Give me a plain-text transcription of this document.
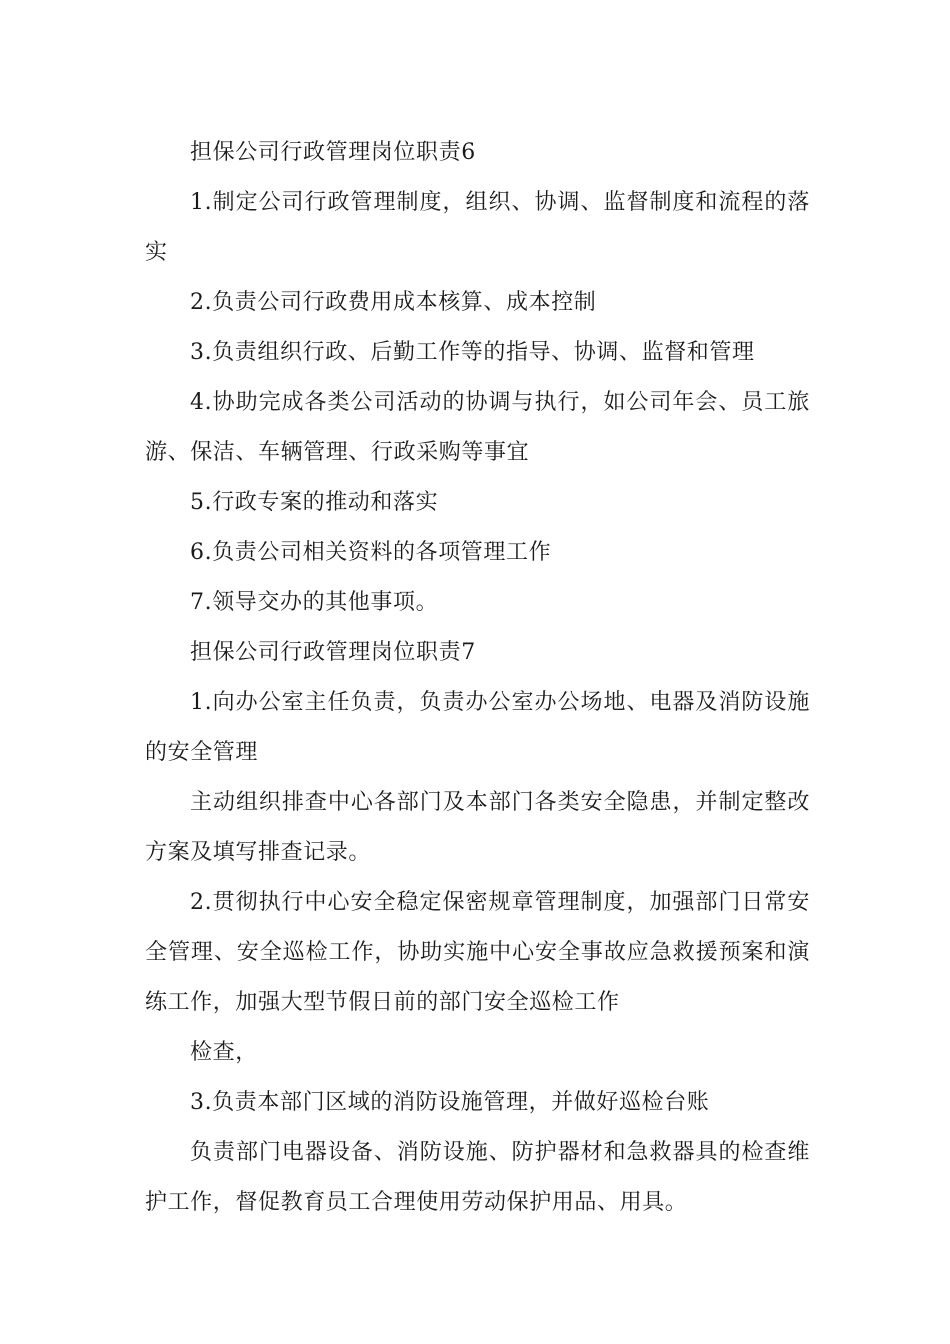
担保公司行政管理岗位职责6

1.制定公司行政管理制度，组织、协调、监督制度和流程的落实

2.负责公司行政费用成本核算、成本控制

3.负责组织行政、后勤工作等的指导、协调、监督和管理

4.协助完成各类公司活动的协调与执行，如公司年会、员工旅游、保洁、车辆管理、行政采购等事宜

5.行政专案的推动和落实

6.负责公司相关资料的各项管理工作

7.领导交办的其他事项。

担保公司行政管理岗位职责7

1.向办公室主任负责，负责办公室办公场地、电器及消防设施的安全管理

主动组织排查中心各部门及本部门各类安全隐患，并制定整改方案及填写排查记录。

2.贯彻执行中心安全稳定保密规章管理制度，加强部门日常安全管理、安全巡检工作，协助实施中心安全事故应急救援预案和演练工作，加强大型节假日前的部门安全巡检工作

检查，

3.负责本部门区域的消防设施管理，并做好巡检台账

负责部门电器设备、消防设施、防护器材和急救器具的检查维护工作，督促教育员工合理使用劳动保护用品、用具。
